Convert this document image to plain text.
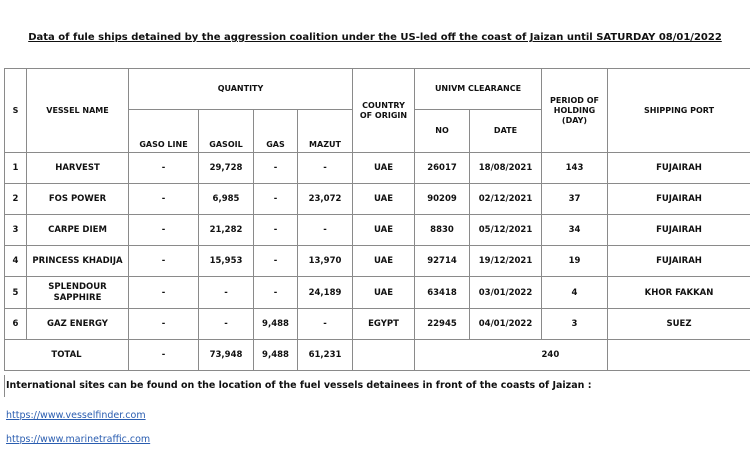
Data of fule ships detained by the aggression coalition under the US-led off the coast of Jaizan until SATURDAY 08/01/2022
S	VESSEL NAME	QUANTITY				COUNTRY OF ORIGIN	UNIVM CLEARANCE		PERIOD OF HOLDING (DAY)	SHIPPING PORT
		GASO LINE	GASOIL	GAS	MAZUT		NO	DATE		
1	HARVEST	-	29,728	-	-	UAE	26017	18/08/2021	143	FUJAIRAH
2	FOS POWER	-	6,985	-	23,072	UAE	90209	02/12/2021	37	FUJAIRAH
3	CARPE DIEM	-	21,282	-	-	UAE	8830	05/12/2021	34	FUJAIRAH
4	PRINCESS KHADIJA	-	15,953	-	13,970	UAE	92714	19/12/2021	19	FUJAIRAH
5	SPLENDOUR SAPPHIRE	-	-	-	24,189	UAE	63418	03/01/2022	4	KHOR FAKKAN
6	GAZ ENERGY	-	-	9,488	-	EGYPT	22945	04/01/2022	3	SUEZ
TOTAL		-	73,948	9,488	61,231				240	
International sites can be found on the location of the fuel vessels detainees in front of the coasts of Jaizan :
https://www.vesselfinder.com
https://www.marinetraffic.com
